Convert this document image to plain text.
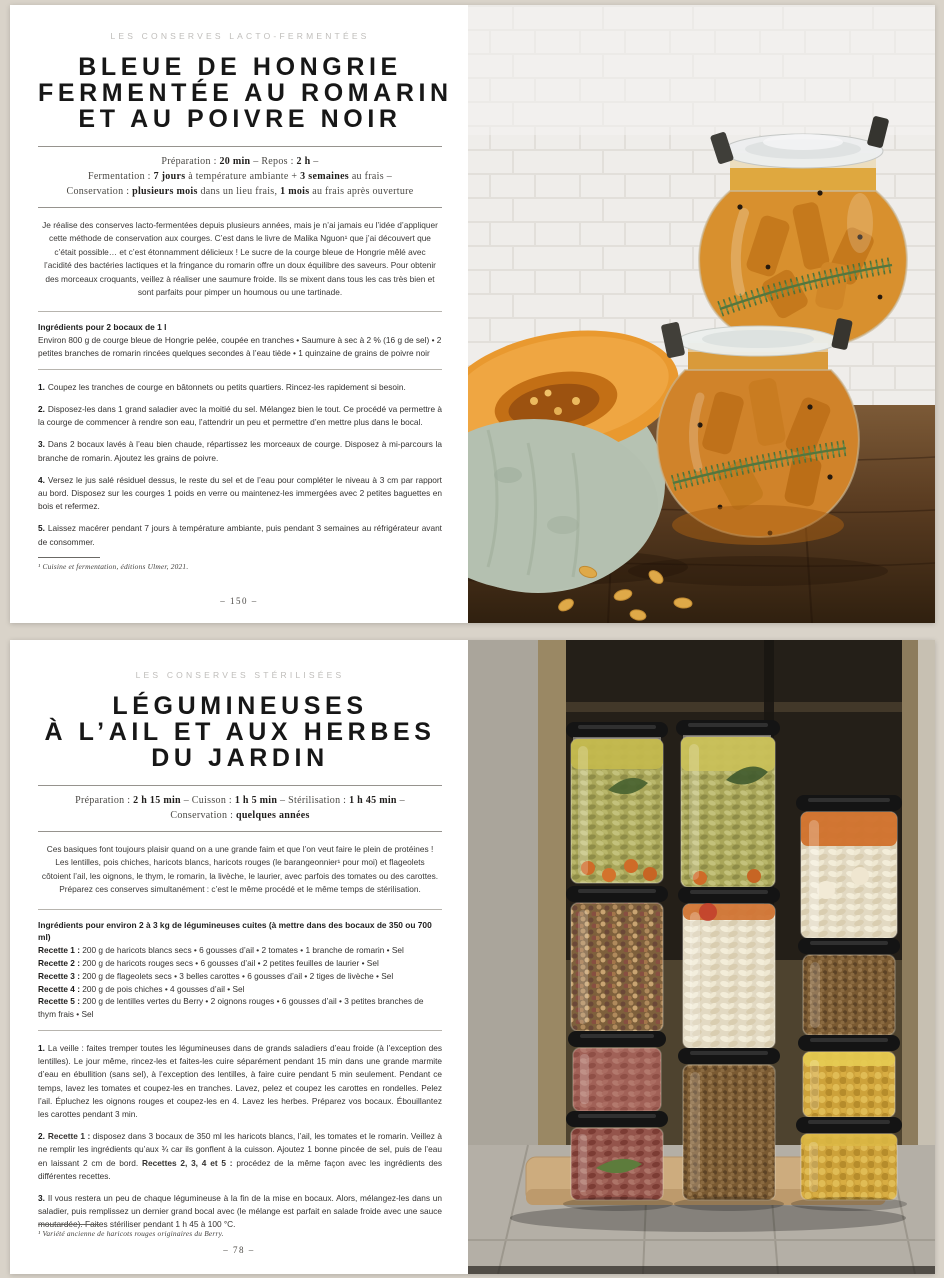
LES CONSERVES LACTO-FERMENTÉES
BLEUE DE HONGRIE
FERMENTÉE AU ROMARIN
ET AU POIVRE NOIR
Préparation : 20 min – Repos : 2 h –
Fermentation : 7 jours à température ambiante + 3 semaines au frais –
Conservation : plusieurs mois dans un lieu frais, 1 mois au frais après ouverture

Je réalise des conserves lacto-fermentées depuis plusieurs années, mais je n’ai jamais eu l’idée d’appliquer cette méthode de conservation aux courges. C’est dans le livre de Malika Nguon¹ que j’ai découvert que c’était possible… et c’est étonnamment délicieux ! Le sucre de la courge bleue de Hongrie mêlé avec l’acidité des bactéries lactiques et la fringance du romarin offre un doux équilibre des saveurs. Pour obtenir des morceaux croquants, veillez à réaliser une saumure froide. Ils se mixent dans tous les cas très bien et sont parfaits pour pimper un houmous ou une tartinade.

Ingrédients pour 2 bocaux de 1 l
Environ 800 g de courge bleue de Hongrie pelée, coupée en tranches • Saumure à sec à 2 % (16 g de sel) • 2 petites branches de romarin rincées quelques secondes à l’eau tiède • 1 quinzaine de grains de poivre noir

1. Coupez les tranches de courge en bâtonnets ou petits quartiers. Rincez-les rapidement si besoin.

2. Disposez-les dans 1 grand saladier avec la moitié du sel. Mélangez bien le tout. Ce procédé va permettre à la courge de commencer à rendre son eau, l’attendrir un peu et permettre d’en mettre plus dans le bocal.

3. Dans 2 bocaux lavés à l’eau bien chaude, répartissez les morceaux de courge. Disposez à mi-parcours la branche de romarin. Ajoutez les grains de poivre.

4. Versez le jus salé résiduel dessus, le reste du sel et de l’eau pour compléter le niveau à 3 cm par rapport au bord. Disposez sur les courges 1 poids en verre ou maintenez-les immergées avec 2 petites baguettes en bois et refermez.

5. Laissez macérer pendant 7 jours à température ambiante, puis pendant 3 semaines au réfrigérateur avant de consommer.

¹ Cuisine et fermentation, éditions Ulmer, 2021.
– 150 –
LES CONSERVES STÉRILISÉES
LÉGUMINEUSES
À L’AIL ET AUX HERBES
DU JARDIN
Préparation : 2 h 15 min – Cuisson : 1 h 5 min – Stérilisation : 1 h 45 min –
Conservation : quelques années

Ces basiques font toujours plaisir quand on a une grande faim et que l’on veut faire le plein de protéines ! Les lentilles, pois chiches, haricots blancs, haricots rouges (le barangeonnier¹ pour moi) et flageolets côtoient l’ail, les oignons, le thym, le romarin, la livèche, le laurier, avec parfois des tomates ou des carottes. Préparez ces conserves simultanément : c’est le même procédé et le même temps de stérilisation.

Ingrédients pour environ 2 à 3 kg de légumineuses cuites (à mettre dans des bocaux de 350 ou 700 ml)
Recette 1 : 200 g de haricots blancs secs • 6 gousses d’ail • 2 tomates • 1 branche de romarin • Sel
Recette 2 : 200 g de haricots rouges secs • 6 gousses d’ail • 2 petites feuilles de laurier • Sel
Recette 3 : 200 g de flageolets secs • 3 belles carottes • 6 gousses d’ail • 2 tiges de livèche • Sel
Recette 4 : 200 g de pois chiches • 4 gousses d’ail • Sel
Recette 5 : 200 g de lentilles vertes du Berry • 2 oignons rouges • 6 gousses d’ail • 3 petites branches de thym frais • Sel

1. La veille : faites tremper toutes les légumineuses dans de grands saladiers d’eau froide (à l’exception des lentilles). Le jour même, rincez-les et faites-les cuire séparément pendant 15 min dans une grande marmite d’eau en ébullition (sans sel), à l’exception des lentilles, à faire cuire pendant 5 min seulement. Pendant ce temps, lavez les tomates et coupez-les en tranches. Lavez, pelez et coupez les carottes en rondelles. Pelez l’ail. Épluchez les oignons rouges et coupez-les en 4. Lavez les herbes. Préparez vos bocaux. Ébouillantez les carottes pendant 3 min.

2. Recette 1 : disposez dans 3 bocaux de 350 ml les haricots blancs, l’ail, les tomates et le romarin. Veillez à ne remplir les ingrédients qu’aux ¾ car ils gonflent à la cuisson. Ajoutez 1 bonne pincée de sel, puis de l’eau en laissant 2 cm de bord. Recettes 2, 3, 4 et 5 : procédez de la même façon avec les ingrédients des différentes recettes.

3. Il vous restera un peu de chaque légumineuse à la fin de la mise en bocaux. Alors, mélangez-les dans un saladier, puis remplissez un dernier grand bocal avec (le mélange est parfait en salade froide avec une sauce moutardée). Faites stériliser pendant 1 h 45 à 100 °C.

¹ Variété ancienne de haricots rouges originaires du Berry.
– 78 –
